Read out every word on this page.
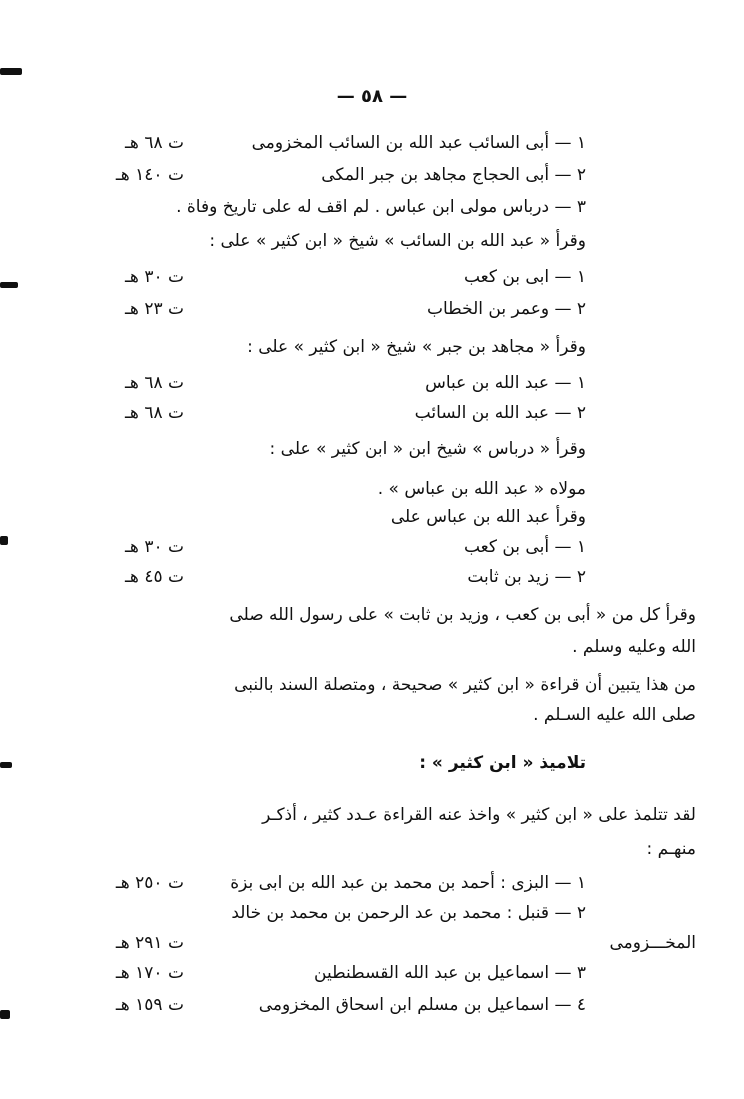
— ٥٨ —
١ — أبى السائب عبد الله بن السائب المخزومى
ت ٦٨ هـ
٢ — أبى الحجاج مجاهد بن جبر المكى
ت ١٤٠ هـ
٣ — درباس مولى ابن عباس . لم اقف له على تاريخ وفاة .
وقرأ « عبد الله بن السائب » شيخ « ابن كثير » على :
١ — ابى بن كعب
ت ٣٠ هـ
٢ — وعمر بن الخطاب
ت ٢٣ هـ
وقرأ « مجاهد بن جبر » شيخ « ابن كثير » على :
١ — عبد الله بن عباس
ت ٦٨ هـ
٢ — عبد الله بن السائب
ت ٦٨ هـ
وقرأ « درباس » شيخ ابن « ابن كثير » على :
مولاه « عبد الله بن عباس » .
وقرأ عبد الله بن عباس على
١ — أبى بن كعب
ت ٣٠ هـ
٢ — زيد بن ثابت
ت ٤٥ هـ
وقرأ كل من « أبى بن كعب ، وزيد بن ثابت » على رسول الله صلى
الله وعليه وسلم .
من هذا يتبين أن قراءة « ابن كثير » صحيحة ، ومتصلة السند بالنبى
صلى الله عليه السـلم .
تلاميذ « ابن كثير » :
لقد تتلمذ على « ابن كثير » واخذ عنه القراءة عـدد كثير ، أذكـر
منهـم :
١ — البزى : أحمد بن محمد بن عبد الله بن ابى بزة
ت ٢٥٠ هـ
٢ — قنبل : محمد بن عد الرحمن بن محمد بن خالد
المخـــزومى
ت ٢٩١ هـ
٣ — اسماعيل بن عبد الله القسطنطين
ت ١٧٠ هـ
٤ — اسماعيل بن مسلم ابن اسحاق المخزومى
ت ١٥٩ هـ
